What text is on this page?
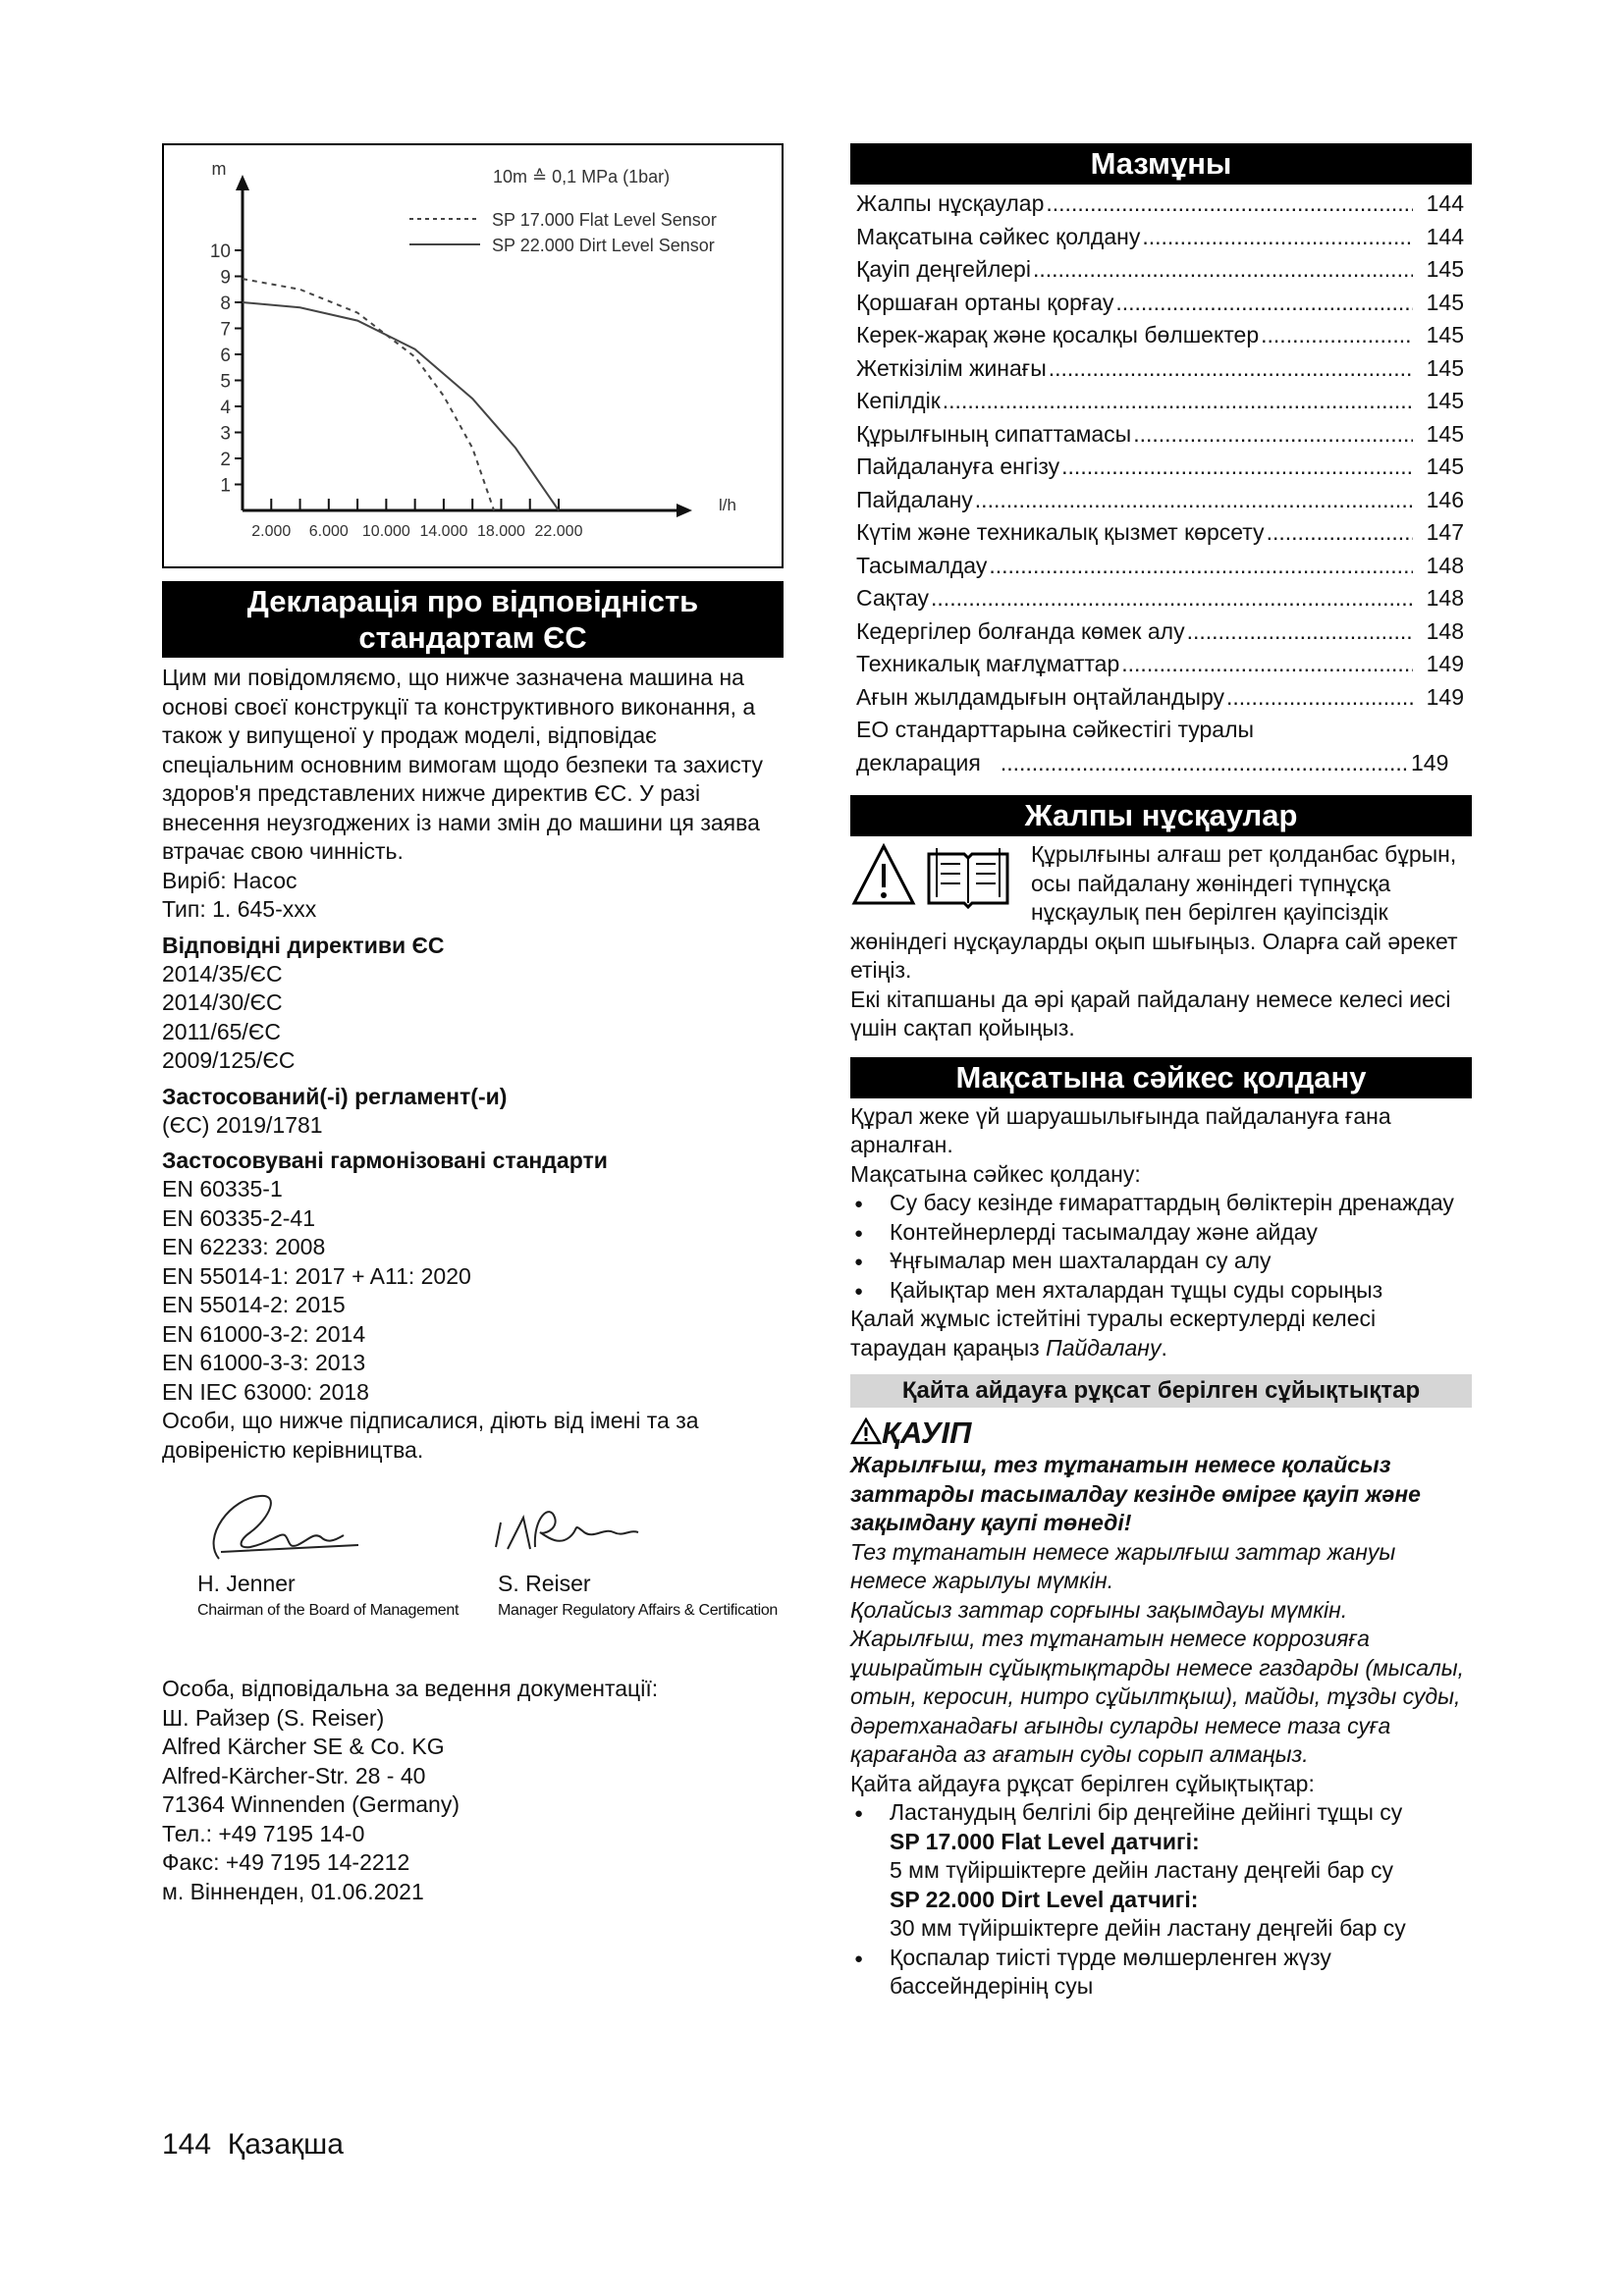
1
2
3
4
5
6
7
8
9
10
2.000 6.000 10.000 14.000 18.000 22.000
m
l/h
10m ≙ 0,1 MPa (1bar)
SP 17.000 Flat Level Sensor
SP 22.000 Dirt Level Sensor
Декларація про відповідність стандартам ЄС
Цим ми повідомляємо, що нижче зазначена машина на основі своєї конструкції та конструктивного виконання, а також у випущеної у продаж моделі, відповідає спеціальним основним вимогам щодо безпеки та захисту здоров'я представлених нижче директив ЄС. У разі внесення неузгоджених із нами змін до машини ця заява втрачає свою чинність.
Виріб: Насос
Тип: 1. 645-xxx
Відповідні директиви ЄС
2014/35/ЄС
2014/30/ЄС
2011/65/ЄС
2009/125/ЄС
Застосований(-і) регламент(-и)
(ЄС) 2019/1781
Застосовувані гармонізовані стандарти
EN 60335-1
EN 60335-2-41
EN 62233: 2008
EN 55014-1: 2017 + A11: 2020
EN 55014-2: 2015
EN 61000-3-2: 2014
EN 61000-3-3: 2013
EN IEC 63000: 2018
Особи, що нижче підписалися, діють від імені та за довіреністю керівництва.
H. Jenner
Chairman of the Board of Management
S. Reiser
Manager Regulatory Affairs & Certification
Особа, відповідальна за ведення документації:
Ш. Райзер (S. Reiser)
Alfred Kärcher SE & Co. KG
Alfred-Kärcher-Str. 28 - 40
71364 Winnenden (Germany)
Тел.: +49 7195 14-0
Факс: +49 7195 14-2212
м. Вінненден, 01.06.2021
Мазмұны
Жалпы нұсқаулар .....	144
Мақсатына сәйкес қолдану .....	144
Қауіп деңгейлері .....	145
Қоршаған ортаны қорғау .....	145
Керек-жарақ және қосалқы бөлшектер .....	145
Жеткізілім жинағы .....	145
Кепілдік .....	145
Құрылғының сипаттамасы .....	145
Пайдалануға енгізу .....	145
Пайдалану .....	146
Күтім және техникалық қызмет көрсету .....	147
Тасымалдау .....	148
Сақтау .....	148
Кедергілер болғанда көмек алу .....	148
Техникалық мағлұматтар .....	149
Ағын жылдамдығын оңтайландыру .....	149
ЕО стандарттарына сәйкестігі туралы
декларация .....	149
Жалпы нұсқаулар
Құрылғыны алғаш рет қолданбас бұрын, осы пайдалану жөніндегі түпнұсқа нұсқаулық пен берілген қауіпсіздік жөніндегі нұсқауларды оқып шығыңыз. Оларға сай әрекет етіңіз.
Екі кітапшаны да әрі қарай пайдалану немесе келесі иесі үшін сақтап қойыңыз.
Мақсатына сәйкес қолдану
Құрал жеке үй шаруашылығында пайдалануға ғана арналған.
Мақсатына сәйкес қолдану:
● Су басу кезінде ғимараттардың бөліктерін дренаждау
● Контейнерлерді тасымалдау және айдау
● Ұңғымалар мен шахталардан су алу
● Қайықтар мен яхталардан тұщы суды сорыңыз
Қалай жұмыс істейтіні туралы ескертулерді келесі тараудан қараңыз Пайдалану.
Қайта айдауға рұқсат берілген сұйықтықтар
ҚАУІП
Жарылғыш, тез тұтанатын немесе қолайсыз заттарды тасымалдау кезінде өмірге қауіп және зақымдану қаупі төнеді!
Тез тұтанатын немесе жарылғыш заттар жануы немесе жарылуы мүмкін.
Қолайсыз заттар сорғыны зақымдауы мүмкін.
Жарылғыш, тез тұтанатын немесе коррозияға ұшырайтын сұйықтықтарды немесе газдарды (мысалы, отын, керосин, нитро сұйылтқыш), майды, тұзды суды, дәретханадағы ағынды суларды немесе таза суға қарағанда аз ағатын суды сорып алмаңыз.
Қайта айдауға рұқсат берілген сұйықтықтар:
● Ластанудың белгілі бір деңгейіне дейінгі тұщы су
SP 17.000 Flat Level датчигі:
5 мм түйіршіктерге дейін ластану деңгейі бар су
SP 22.000 Dirt Level датчигі:
30 мм түйіршіктерге дейін ластану деңгейі бар су
● Қоспалар тиісті түрде мөлшерленген жүзу бассейндерінің суы
144 Қазақша
